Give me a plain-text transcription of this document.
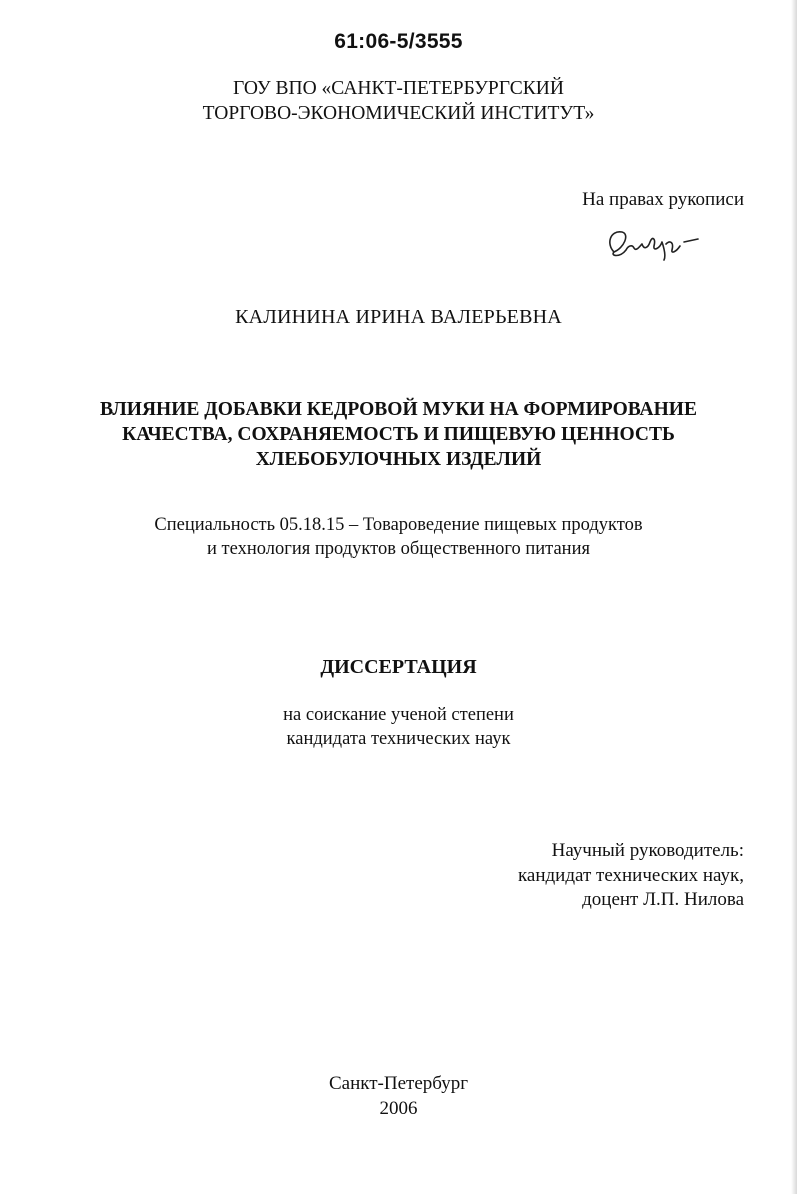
61:06-5/3555
ГОУ ВПО «САНКТ-ПЕТЕРБУРГСКИЙ
ТОРГОВО-ЭКОНОМИЧЕСКИЙ ИНСТИТУТ»
На правах рукописи
КАЛИНИНА ИРИНА ВАЛЕРЬЕВНА
ВЛИЯНИЕ ДОБАВКИ КЕДРОВОЙ МУКИ НА ФОРМИРОВАНИЕ
КАЧЕСТВА, СОХРАНЯЕМОСТЬ И ПИЩЕВУЮ ЦЕННОСТЬ
ХЛЕБОБУЛОЧНЫХ ИЗДЕЛИЙ
Специальность 05.18.15 – Товароведение пищевых продуктов
и технология продуктов общественного питания
ДИССЕРТАЦИЯ
на соискание ученой степени
кандидата технических наук
Научный руководитель:
кандидат технических наук,
доцент Л.П. Нилова
Санкт-Петербург
2006
